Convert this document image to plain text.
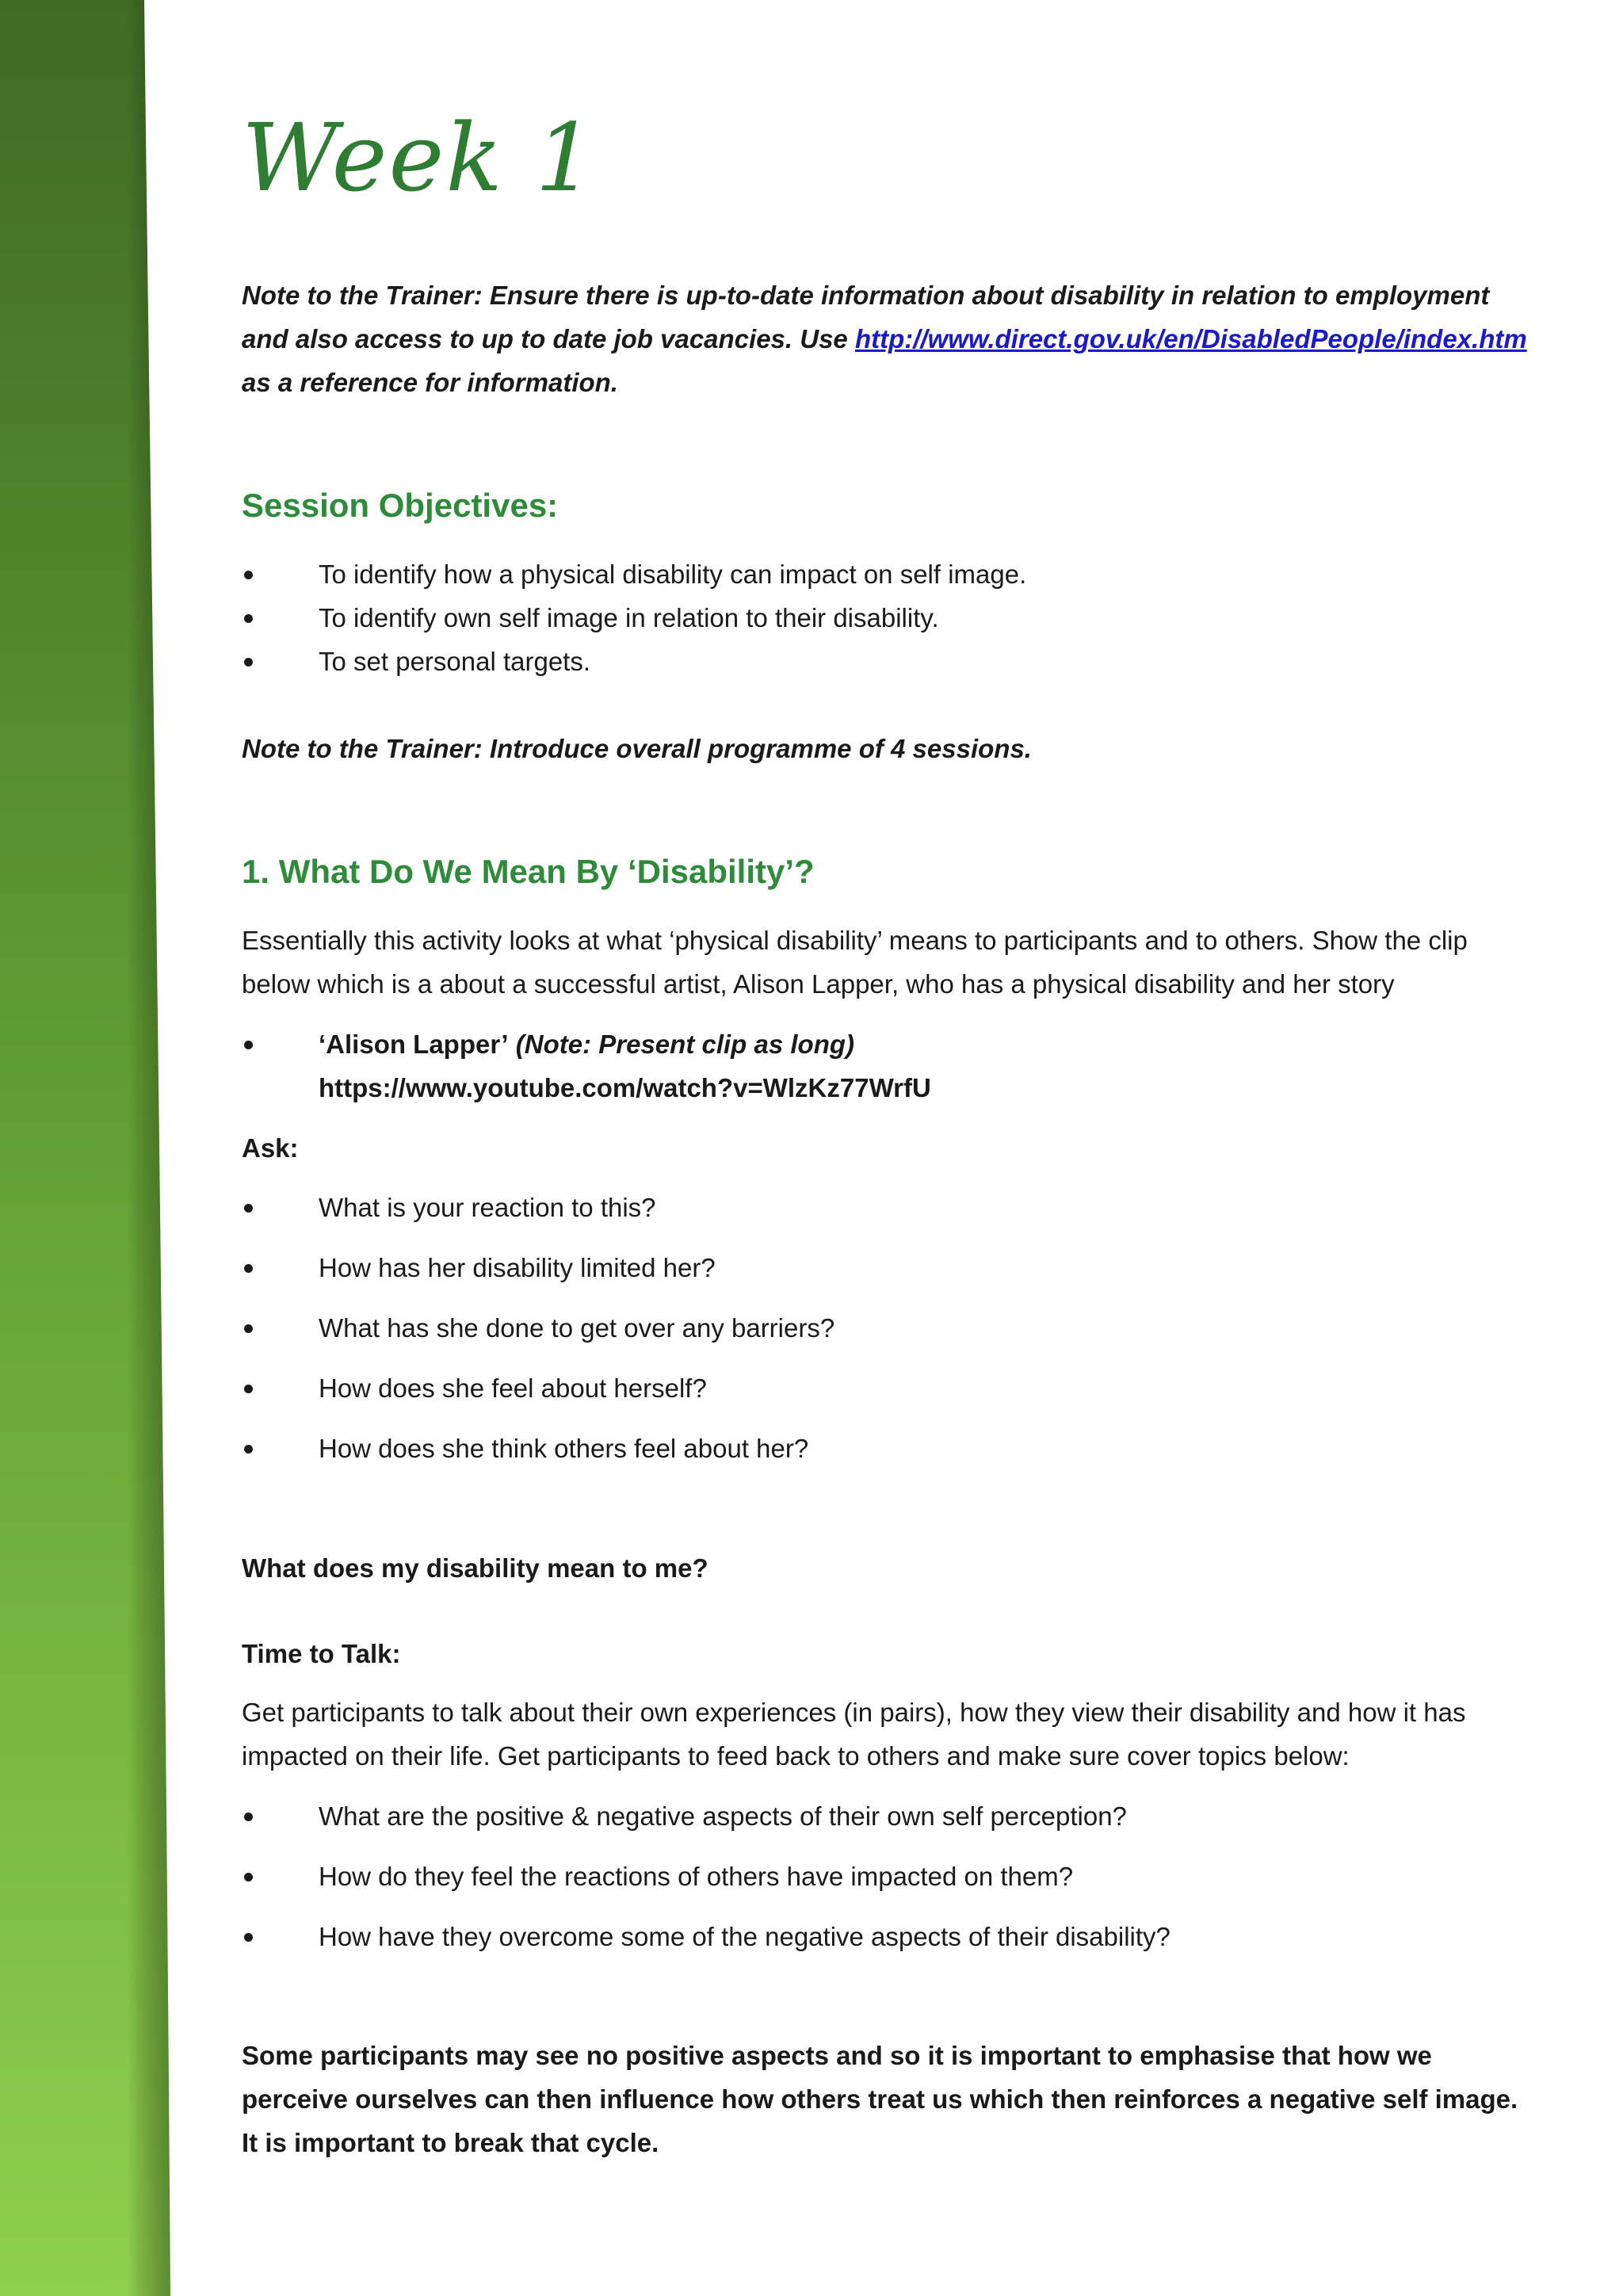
Week 1

Note to the Trainer: Ensure there is up-to-date information about disability in relation to employment and also access to up to date job vacancies. Use http://www.direct.gov.uk/en/DisabledPeople/index.htm as a reference for information.

Session Objectives:
To identify how a physical disability can impact on self image.
To identify own self image in relation to their disability.
To set personal targets.

Note to the Trainer: Introduce overall programme of 4 sessions.

1. What Do We Mean By ‘Disability’?

Essentially this activity looks at what ‘physical disability’ means to participants and to others. Show the clip below which is a about a successful artist, Alison Lapper, who has a physical disability and her story

‘Alison Lapper’ (Note: Present clip as long)
https://www.youtube.com/watch?v=WlzKz77WrfU

Ask:

What is your reaction to this?
How has her disability limited her?
What has she done to get over any barriers?
How does she feel about herself?
How does she think others feel about her?

What does my disability mean to me?

Time to Talk:

Get participants to talk about their own experiences (in pairs), how they view their disability and how it has impacted on their life. Get participants to feed back to others and make sure cover topics below:

What are the positive & negative aspects of their own self perception?
How do they feel the reactions of others have impacted on them?
How have they overcome some of the negative aspects of their disability?

Some participants may see no positive aspects and so it is important to emphasise that how we perceive ourselves can then influence how others treat us which then reinforces a negative self image. It is important to break that cycle.
